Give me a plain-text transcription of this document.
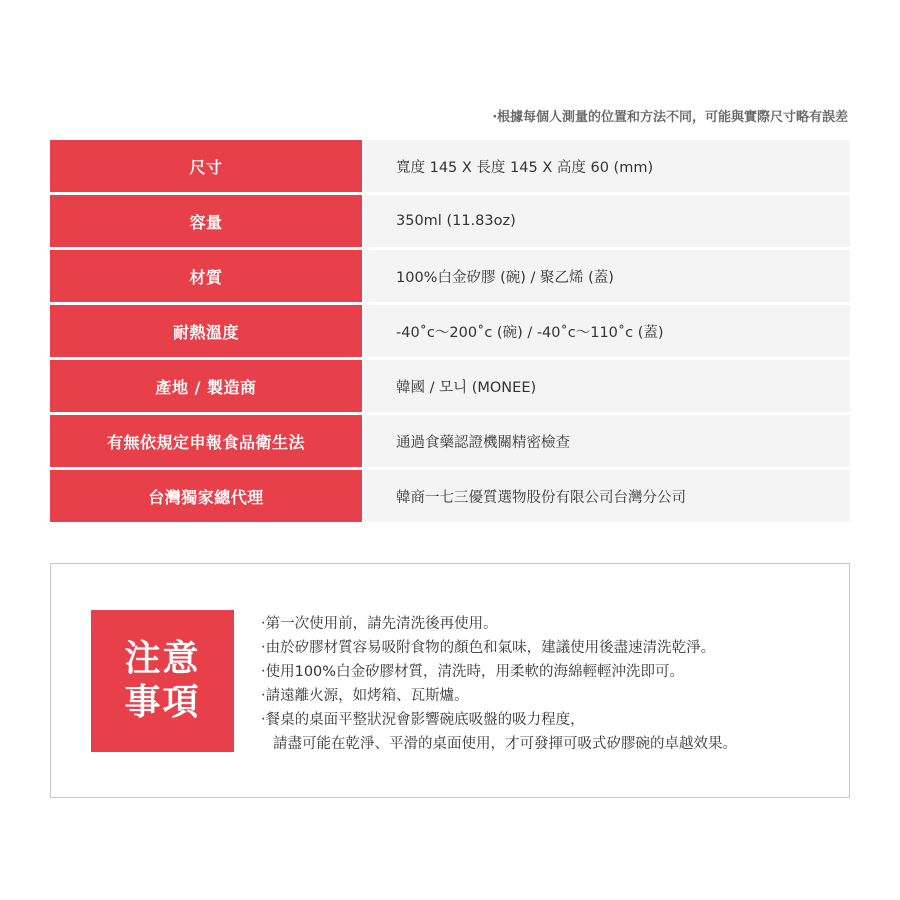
‧根據每個人測量的位置和方法不同，可能與實際尺寸略有誤差
尺寸	寬度 145 X 長度 145 X 高度 60 (mm)
容量	350ml (11.83oz)
材質	100%白金矽膠 (碗) / 聚乙烯 (蓋)
耐熱溫度	-40˚c～200˚c (碗) / -40˚c～110˚c (蓋)
產地 / 製造商	韓國 / 모니 (MONEE)
有無依規定申報食品衛生法	通過食藥認證機關精密檢查
台灣獨家總代理	韓商一七三優質選物股份有限公司台灣分公司
注意
事項
‧第一次使用前，請先清洗後再使用。
‧由於矽膠材質容易吸附食物的顏色和氣味，建議使用後盡速清洗乾淨。
‧使用100%白金矽膠材質，清洗時，用柔軟的海綿輕輕沖洗即可。
‧請遠離火源，如烤箱、瓦斯爐。
‧餐桌的桌面平整狀況會影響碗底吸盤的吸力程度，
請盡可能在乾淨、平滑的桌面使用，才可發揮可吸式矽膠碗的卓越效果。
